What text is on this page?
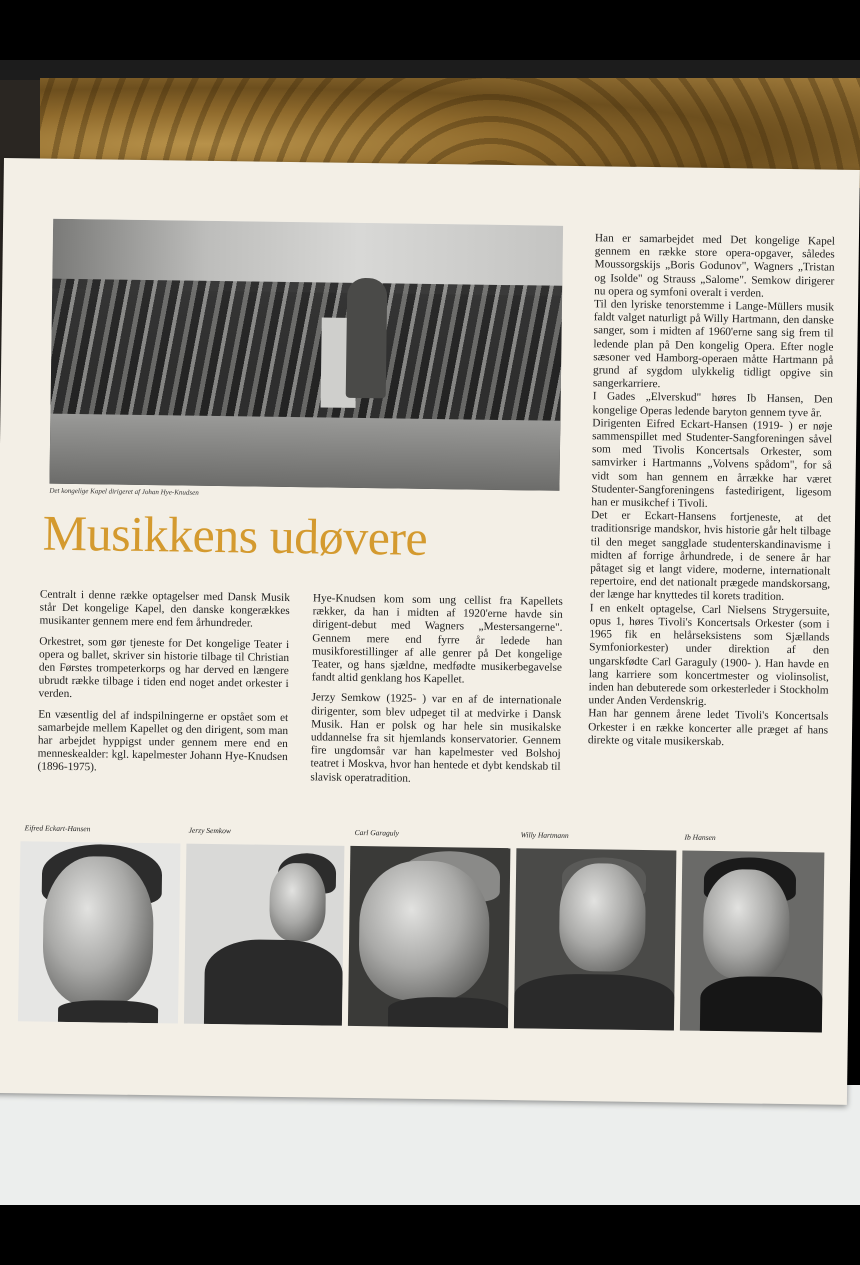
Det kongelige Kapel dirigeret af Johan Hye-Knudsen
Musikkens udøvere

Centralt i denne række optagelser med Dansk Musik står Det kongelige Kapel, den danske kongerækkes musikanter gennem mere end fem århundreder.

Orkestret, som gør tjeneste for Det kongelige Teater i opera og ballet, skriver sin historie tilbage til Christian den Førstes trompeterkorps og har derved en længere ubrudt række tilbage i tiden end noget andet orkester i verden.

En væsentlig del af indspilningerne er opstået som et samarbejde mellem Kapellet og den dirigent, som man har arbejdet hyppigst under gennem mere end en menneskealder: kgl. kapelmester Johann Hye-Knudsen (1896-1975).

Hye-Knudsen kom som ung cellist fra Kapellets rækker, da han i midten af 1920'erne havde sin dirigent-debut med Wagners „Mestersangerne". Gennem mere end fyrre år ledede han musikforestillinger af alle genrer på Det kongelige Teater, og hans sjældne, medfødte musikerbegavelse fandt altid genklang hos Kapellet.

Jerzy Semkow (1925- ) var en af de internationale dirigenter, som blev udpeget til at medvirke i Dansk Musik. Han er polsk og har hele sin musikalske uddannelse fra sit hjemlands konservatorier. Gennem fire ungdomsår var han kapelmester ved Bolshoj teatret i Moskva, hvor han hentede et dybt kendskab til slavisk operatradition.

Han er samarbejdet med Det kongelige Kapel gennem en række store opera-opgaver, således Moussorgskijs „Boris Godunov", Wagners „Tristan og Isolde" og Strauss „Salome". Semkow dirigerer nu opera og symfoni overalt i verden.

Til den lyriske tenorstemme i Lange-Müllers musik faldt valget naturligt på Willy Hartmann, den danske sanger, som i midten af 1960'erne sang sig frem til ledende plan på Den kongelig Opera. Efter nogle sæsoner ved Hamborg-operaen måtte Hartmann på grund af sygdom ulykkelig tidligt opgive sin sangerkarriere.

I Gades „Elverskud" høres Ib Hansen, Den kongelige Operas ledende baryton gennem tyve år.

Dirigenten Eifred Eckart-Hansen (1919- ) er nøje sammenspillet med Studenter-Sangforeningen såvel som med Tivolis Koncertsals Orkester, som samvirker i Hartmanns „Volvens spådom", for så vidt som han gennem en årrække har været Studenter-Sangforeningens fastedirigent, ligesom han er musikchef i Tivoli.

Det er Eckart-Hansens fortjeneste, at det traditionsrige mandskor, hvis historie går helt tilbage til den meget sangglade studenterskandinavisme i midten af forrige århundrede, i de senere år har påtaget sig et langt videre, moderne, internationalt repertoire, end det nationalt prægede mandskorsang, der længe har knyttedes til korets tradition.

I en enkelt optagelse, Carl Nielsens Strygersuite, opus 1, høres Tivoli's Koncertsals Orkester (som i 1965 fik en helårseksistens som Sjællands Symfoniorkester) under direktion af den ungarskfødte Carl Garaguly (1900- ). Han havde en lang karriere som koncertmester og violinsolist, inden han debuterede som orkesterleder i Stockholm under Anden Verdenskrig.

Han har gennem årene ledet Tivoli's Koncertsals Orkester i en række koncerter alle præget af hans direkte og vitale musikerskab.

Eifred Eckart-Hansen	Jerzy Semkow	Carl Garaguly	Willy Hartmann	Ib Hansen
